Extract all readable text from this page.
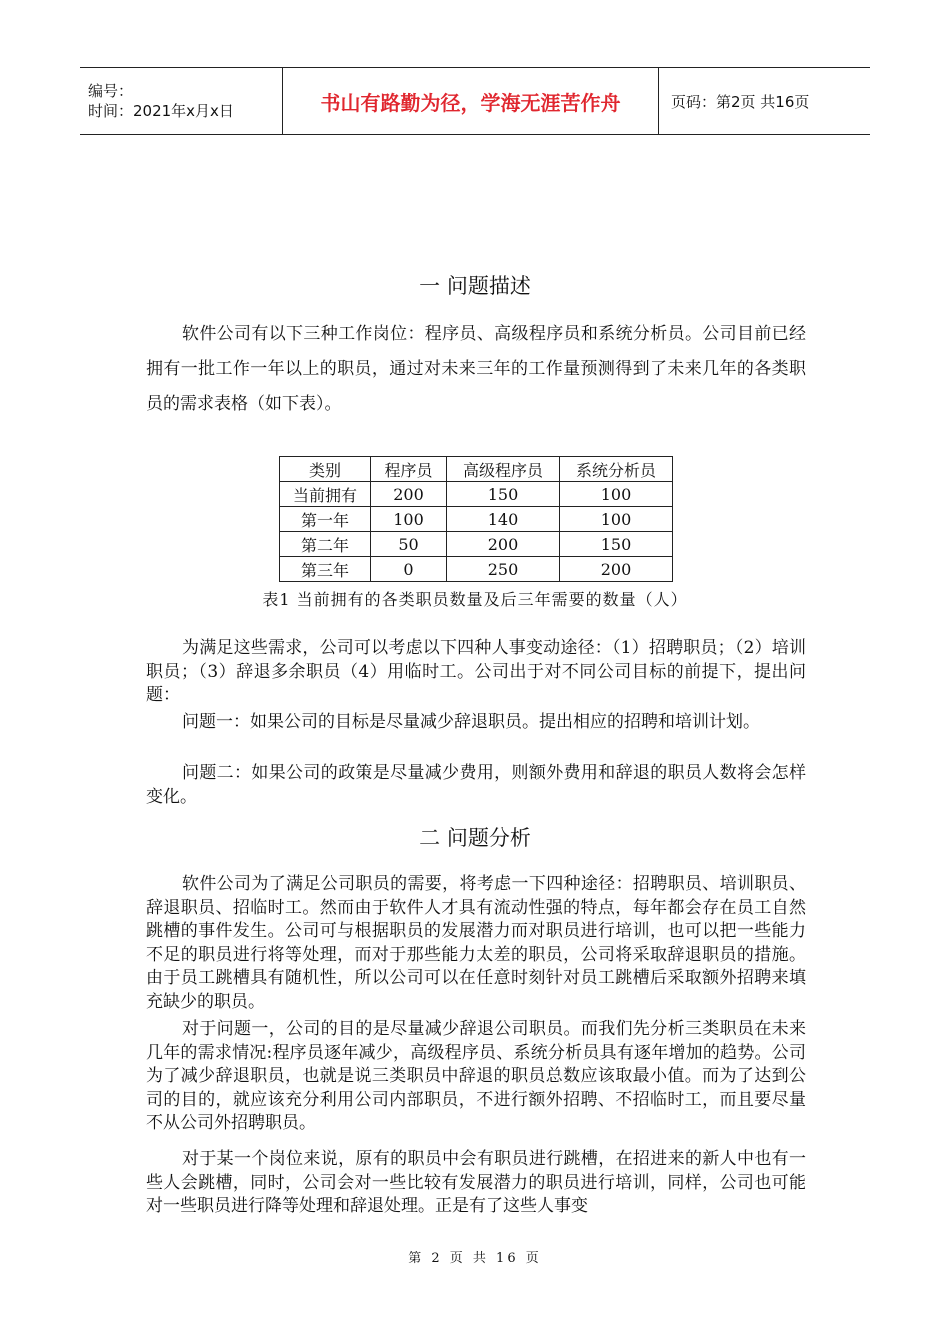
编号：
时间：2021年x月x日	书山有路勤为径，学海无涯苦作舟	页码：第2页 共16页
一 问题描述

软件公司有以下三种工作岗位：程序员、高级程序员和系统分析员。公司目前已经拥有一批工作一年以上的职员，通过对未来三年的工作量预测得到了未来几年的各类职员的需求表格（如下表）。

类别	程序员	高级程序员	系统分析员
当前拥有	200	150	100
第一年	100	140	100
第二年	50	200	150
第三年	0	250	200
表1 当前拥有的各类职员数量及后三年需要的数量（人）

为满足这些需求，公司可以考虑以下四种人事变动途径：（1）招聘职员；（2）培训职员；（3）辞退多余职员（4）用临时工。公司出于对不同公司目标的前提下，提出问题：

问题一：如果公司的目标是尽量减少辞退职员。提出相应的招聘和培训计划。

问题二：如果公司的政策是尽量减少费用，则额外费用和辞退的职员人数将会怎样变化。

二 问题分析

软件公司为了满足公司职员的需要，将考虑一下四种途径：招聘职员、培训职员、辞退职员、招临时工。然而由于软件人才具有流动性强的特点，每年都会存在员工自然跳槽的事件发生。公司可与根据职员的发展潜力而对职员进行培训，也可以把一些能力不足的职员进行将等处理，而对于那些能力太差的职员，公司将采取辞退职员的措施。由于员工跳槽具有随机性，所以公司可以在任意时刻针对员工跳槽后采取额外招聘来填充缺少的职员。

对于问题一，公司的目的是尽量减少辞退公司职员。而我们先分析三类职员在未来几年的需求情况:程序员逐年减少，高级程序员、系统分析员具有逐年增加的趋势。公司为了减少辞退职员，也就是说三类职员中辞退的职员总数应该取最小值。而为了达到公司的目的，就应该充分利用公司内部职员，不进行额外招聘、不招临时工，而且要尽量不从公司外招聘职员。

对于某一个岗位来说，原有的职员中会有职员进行跳槽，在招进来的新人中也有一些人会跳槽，同时，公司会对一些比较有发展潜力的职员进行培训，同样，公司也可能对一些职员进行降等处理和辞退处理。正是有了这些人事变

第 2 页 共 16 页
